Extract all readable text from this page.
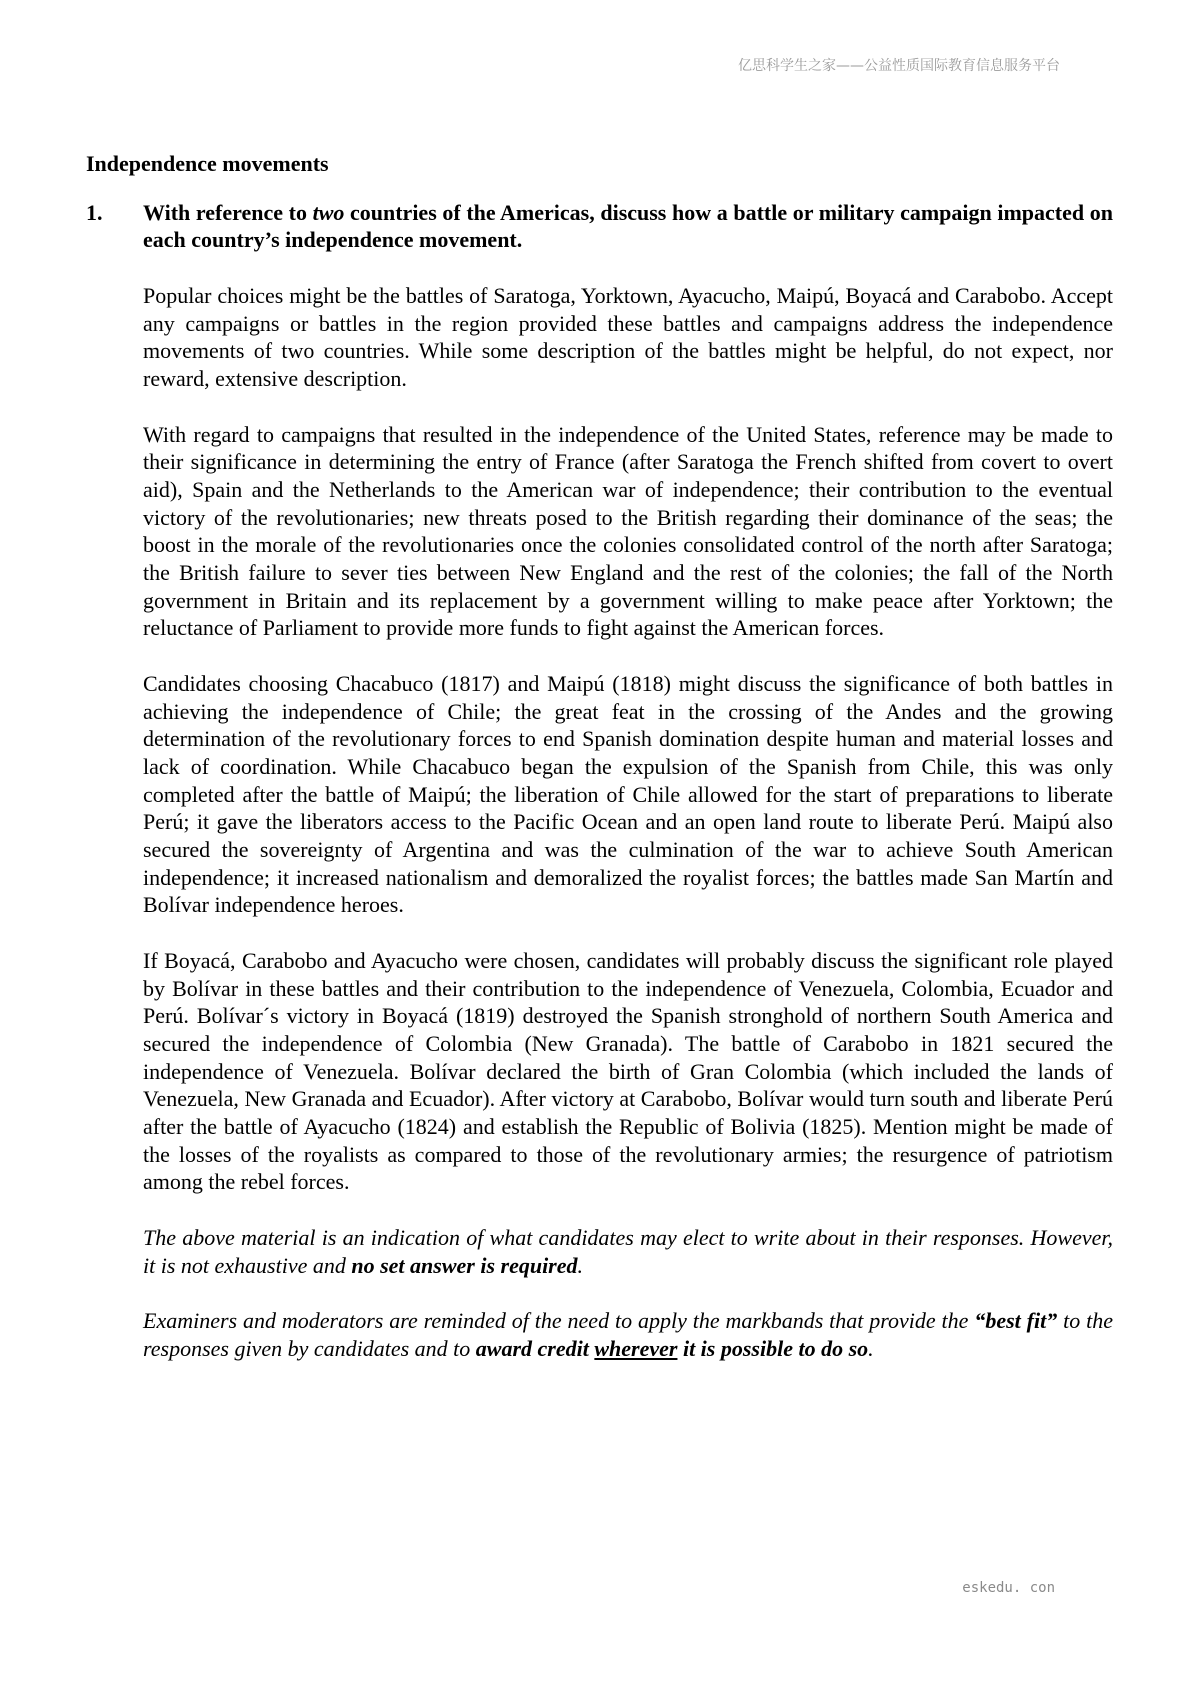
亿思科学生之家——公益性质国际教育信息服务平台
Independence movements
1. With reference to two countries of the Americas, discuss how a battle or military campaign impacted on each country’s independence movement.

Popular choices might be the battles of Saratoga, Yorktown, Ayacucho, Maipú, Boyacá and Carabobo. Accept any campaigns or battles in the region provided these battles and campaigns address the independence movements of two countries. While some description of the battles might be helpful, do not expect, nor reward, extensive description.

With regard to campaigns that resulted in the independence of the United States, reference may be made to their significance in determining the entry of France (after Saratoga the French shifted from covert to overt aid), Spain and the Netherlands to the American war of independence; their contribution to the eventual victory of the revolutionaries; new threats posed to the British regarding their dominance of the seas; the boost in the morale of the revolutionaries once the colonies consolidated control of the north after Saratoga; the British failure to sever ties between New England and the rest of the colonies; the fall of the North government in Britain and its replacement by a government willing to make peace after Yorktown; the reluctance of Parliament to provide more funds to fight against the American forces.

Candidates choosing Chacabuco (1817) and Maipú (1818) might discuss the significance of both battles in achieving the independence of Chile; the great feat in the crossing of the Andes and the growing determination of the revolutionary forces to end Spanish domination despite human and material losses and lack of coordination. While Chacabuco began the expulsion of the Spanish from Chile, this was only completed after the battle of Maipú; the liberation of Chile allowed for the start of preparations to liberate Perú; it gave the liberators access to the Pacific Ocean and an open land route to liberate Perú. Maipú also secured the sovereignty of Argentina and was the culmination of the war to achieve South American independence; it increased nationalism and demoralized the royalist forces; the battles made San Martín and Bolívar independence heroes.

If Boyacá, Carabobo and Ayacucho were chosen, candidates will probably discuss the significant role played by Bolívar in these battles and their contribution to the independence of Venezuela, Colombia, Ecuador and Perú. Bolívar´s victory in Boyacá (1819) destroyed the Spanish stronghold of northern South America and secured the independence of Colombia (New Granada). The battle of Carabobo in 1821 secured the independence of Venezuela. Bolívar declared the birth of Gran Colombia (which included the lands of Venezuela, New Granada and Ecuador). After victory at Carabobo, Bolívar would turn south and liberate Perú after the battle of Ayacucho (1824) and establish the Republic of Bolivia (1825). Mention might be made of the losses of the royalists as compared to those of the revolutionary armies; the resurgence of patriotism among the rebel forces.

The above material is an indication of what candidates may elect to write about in their responses. However, it is not exhaustive and no set answer is required.

Examiners and moderators are reminded of the need to apply the markbands that provide the “best fit” to the responses given by candidates and to award credit wherever it is possible to do so.

eskedu. con
